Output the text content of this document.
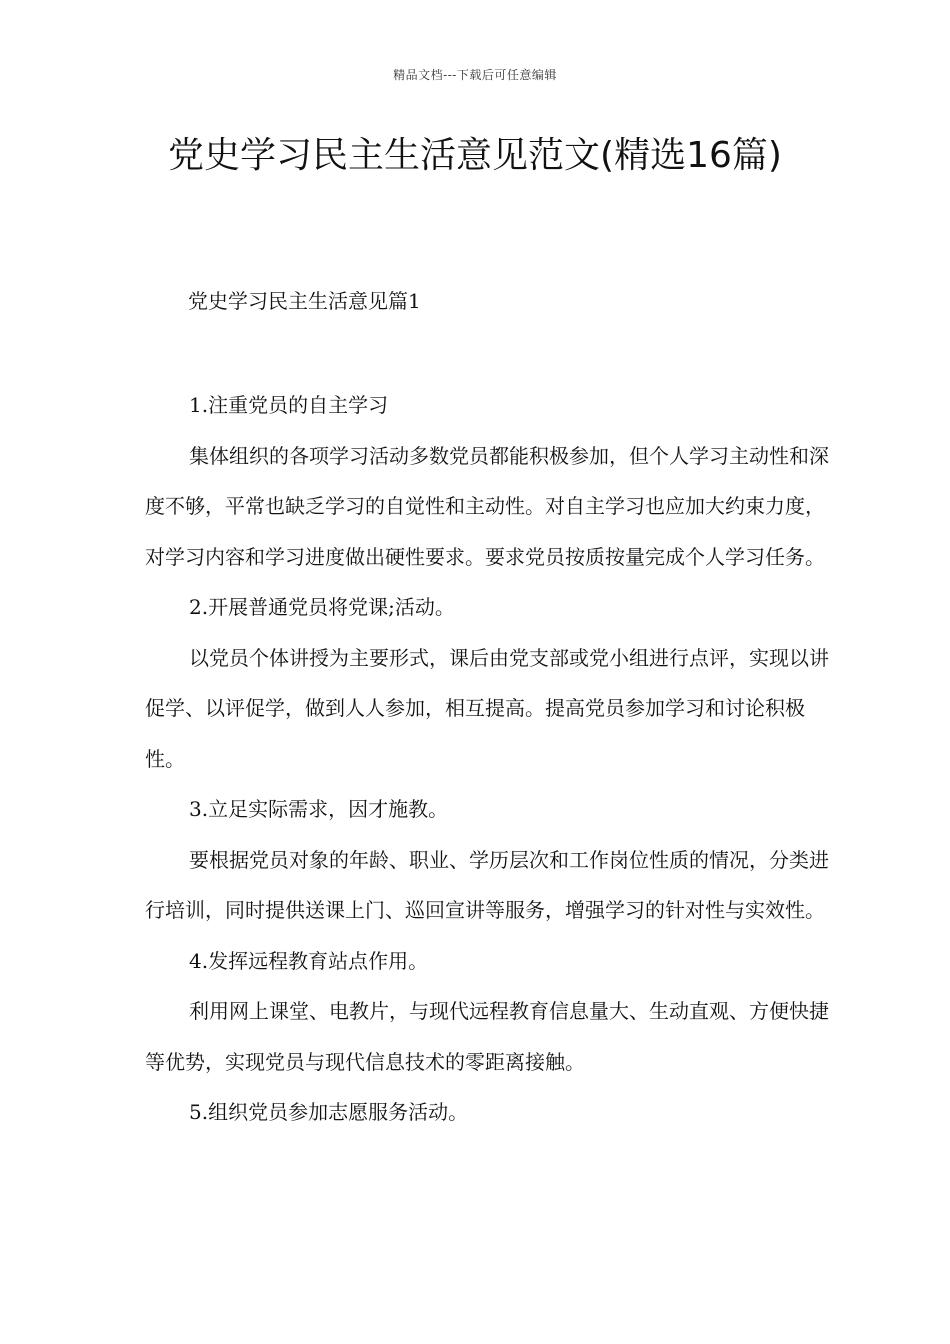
精品文档---下载后可任意编辑
党史学习民主生活意见范文(精选16篇)
党史学习民主生活意见篇1

1.注重党员的自主学习

集体组织的各项学习活动多数党员都能积极参加，但个人学习主动性和深度不够，平常也缺乏学习的自觉性和主动性。对自主学习也应加大约束力度，对学习内容和学习进度做出硬性要求。要求党员按质按量完成个人学习任务。

2.开展普通党员将党课;活动。

以党员个体讲授为主要形式，课后由党支部或党小组进行点评，实现以讲促学、以评促学，做到人人参加，相互提高。提高党员参加学习和讨论积极性。

3.立足实际需求，因才施教。

要根据党员对象的年龄、职业、学历层次和工作岗位性质的情况，分类进行培训，同时提供送课上门、巡回宣讲等服务，增强学习的针对性与实效性。

4.发挥远程教育站点作用。

利用网上课堂、电教片，与现代远程教育信息量大、生动直观、方便快捷等优势，实现党员与现代信息技术的零距离接触。

5.组织党员参加志愿服务活动。
